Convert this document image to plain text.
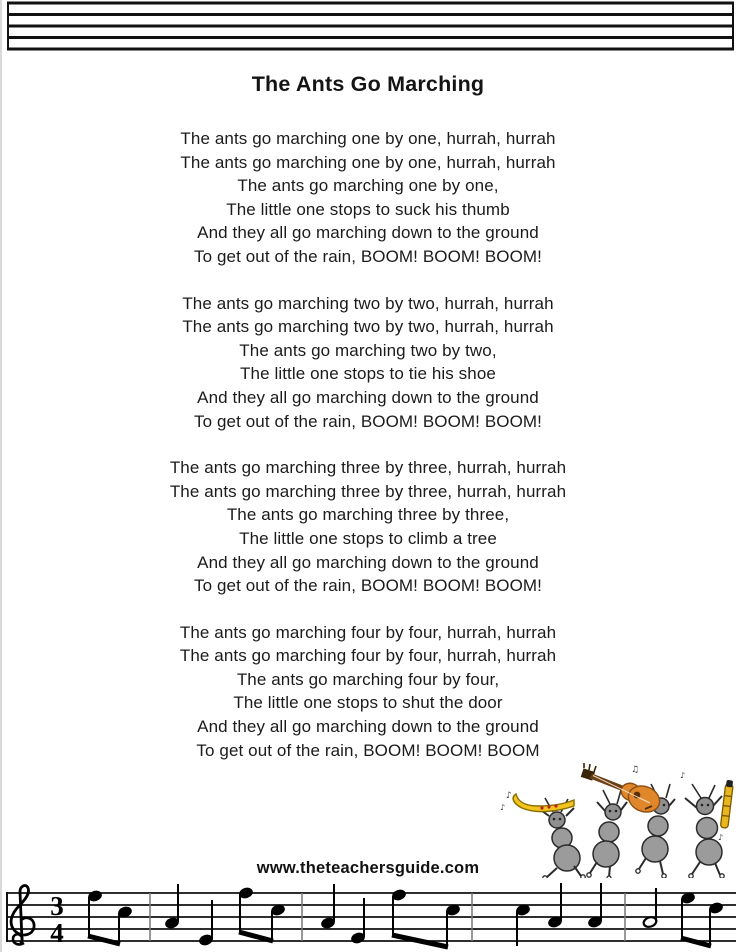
The Ants Go Marching

The ants go marching one by one, hurrah, hurrah

The ants go marching one by one, hurrah, hurrah

The ants go marching one by one,

The little one stops to suck his thumb

And they all go marching down to the ground

To get out of the rain, BOOM! BOOM! BOOM!

The ants go marching two by two, hurrah, hurrah

The ants go marching two by two, hurrah, hurrah

The ants go marching two by two,

The little one stops to tie his shoe

And they all go marching down to the ground

To get out of the rain, BOOM! BOOM! BOOM!

The ants go marching three by three, hurrah, hurrah

The ants go marching three by three, hurrah, hurrah

The ants go marching three by three,

The little one stops to climb a tree

And they all go marching down to the ground

To get out of the rain, BOOM! BOOM! BOOM!

The ants go marching four by four, hurrah, hurrah

The ants go marching four by four, hurrah, hurrah

The ants go marching four by four,

The little one stops to shut the door

And they all go marching down to the ground

To get out of the rain, BOOM! BOOM! BOOM

♪
♪
♫
♪
♪
www.theteachersguide.com
3
4
